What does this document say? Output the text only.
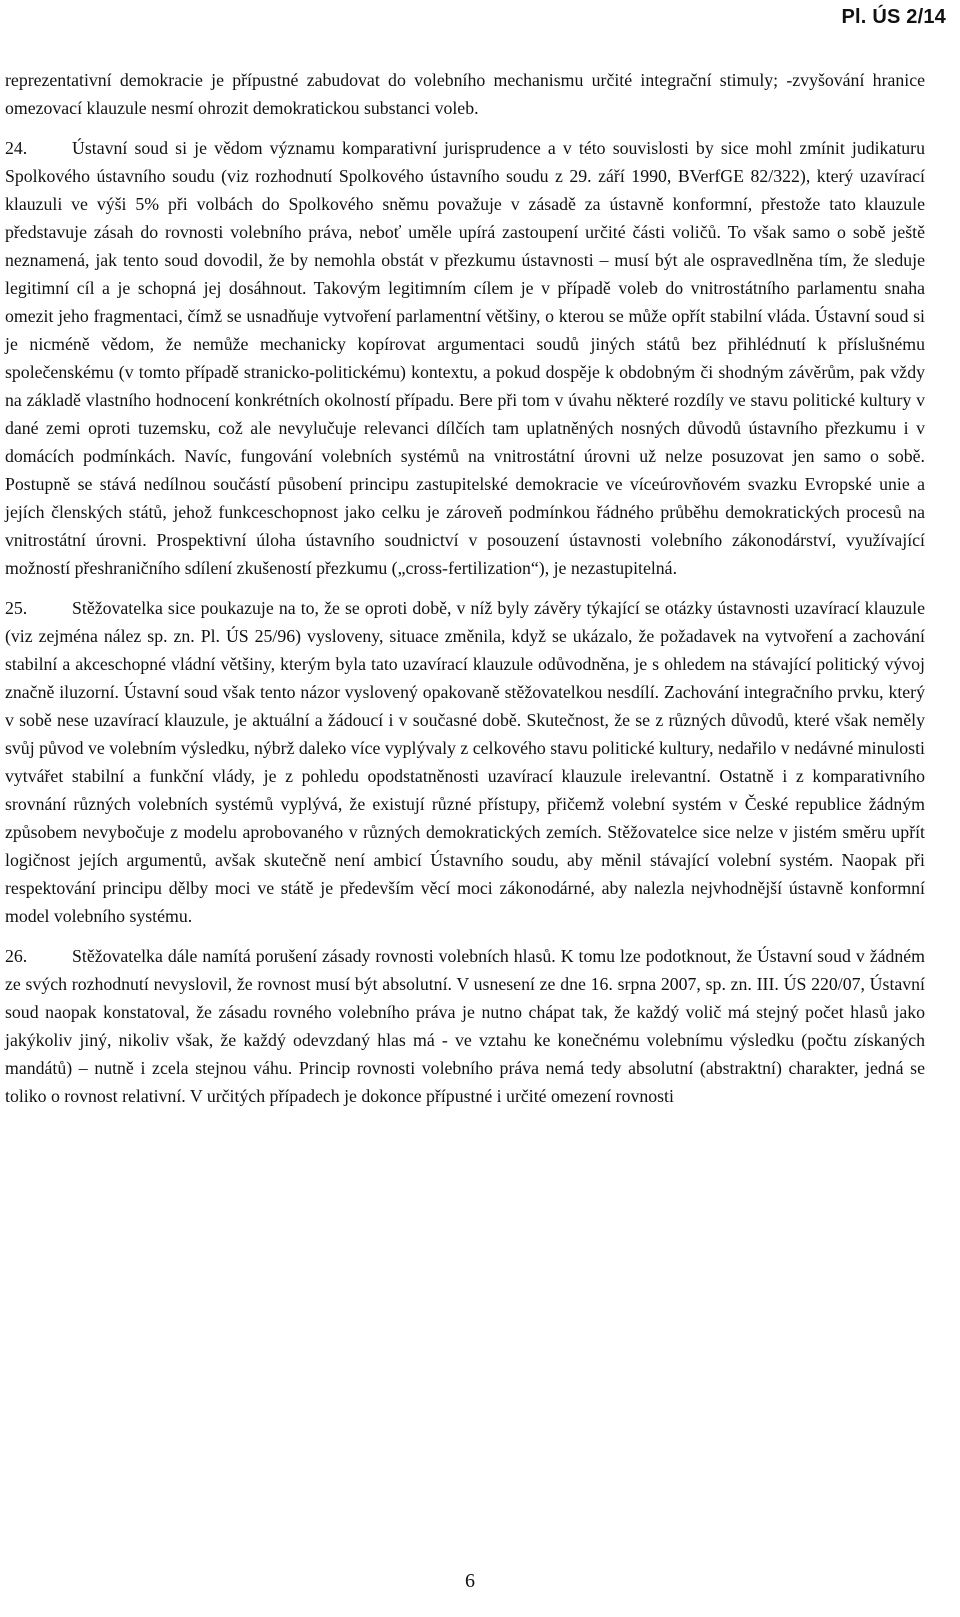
Pl. ÚS 2/14

reprezentativní demokracie je přípustné zabudovat do volebního mechanismu určité integrační stimuly; -zvyšování hranice omezovací klauzule nesmí ohrozit demokratickou substanci voleb.

24.	Ústavní soud si je vědom významu komparativní jurisprudence a v této souvislosti by sice mohl zmínit judikaturu Spolkového ústavního soudu (viz rozhodnutí Spolkového ústavního soudu z 29. září 1990, BVerfGE 82/322), který uzavírací klauzuli ve výši 5% při volbách do Spolkového sněmu považuje v zásadě za ústavně konformní, přestože tato klauzule představuje zásah do rovnosti volebního práva, neboť uměle upírá zastoupení určité části voličů. To však samo o sobě ještě neznamená, jak tento soud dovodil, že by nemohla obstát v přezkumu ústavnosti – musí být ale ospravedlněna tím, že sleduje legitimní cíl a je schopná jej dosáhnout. Takovým legitimním cílem je v případě voleb do vnitrostátního parlamentu snaha omezit jeho fragmentaci, čímž se usnadňuje vytvoření parlamentní většiny, o kterou se může opřít stabilní vláda. Ústavní soud si je nicméně vědom, že nemůže mechanicky kopírovat argumentaci soudů jiných států bez přihlédnutí k příslušnému společenskému (v tomto případě stranicko-politickému) kontextu, a pokud dospěje k obdobným či shodným závěrům, pak vždy na základě vlastního hodnocení konkrétních okolností případu. Bere při tom v úvahu některé rozdíly ve stavu politické kultury v dané zemi oproti tuzemsku, což ale nevylučuje relevanci dílčích tam uplatněných nosných důvodů ústavního přezkumu i v domácích podmínkách. Navíc, fungování volebních systémů na vnitrostátní úrovni už nelze posuzovat jen samo o sobě. Postupně se stává nedílnou součástí působení principu zastupitelské demokracie ve víceúrovňovém svazku Evropské unie a jejích členských států, jehož funkceschopnost jako celku je zároveň podmínkou řádného průběhu demokratických procesů na vnitrostátní úrovni. Prospektivní úloha ústavního soudnictví v posouzení ústavnosti volebního zákonodárství, využívající možností přeshraničního sdílení zkušeností přezkumu („cross-fertilization“), je nezastupitelná.

25.	Stěžovatelka sice poukazuje na to, že se oproti době, v níž byly závěry týkající se otázky ústavnosti uzavírací klauzule (viz zejména nález sp. zn. Pl. ÚS 25/96) vysloveny, situace změnila, když se ukázalo, že požadavek na vytvoření a zachování stabilní a akceschopné vládní většiny, kterým byla tato uzavírací klauzule odůvodněna, je s ohledem na stávající politický vývoj značně iluzorní. Ústavní soud však tento názor vyslovený opakovaně stěžovatelkou nesdílí. Zachování integračního prvku, který v sobě nese uzavírací klauzule, je aktuální a žádoucí i v současné době. Skutečnost, že se z různých důvodů, které však neměly svůj původ ve volebním výsledku, nýbrž daleko více vyplývaly z celkového stavu politické kultury, nedařilo v nedávné minulosti vytvářet stabilní a funkční vlády, je z pohledu opodstatněnosti uzavírací klauzule irelevantní. Ostatně i z komparativního srovnání různých volebních systémů vyplývá, že existují různé přístupy, přičemž volební systém v České republice žádným způsobem nevybočuje z modelu aprobovaného v různých demokratických zemích. Stěžovatelce sice nelze v jistém směru upřít logičnost jejích argumentů, avšak skutečně není ambicí Ústavního soudu, aby měnil stávající volební systém. Naopak při respektování principu dělby moci ve státě je především věcí moci zákonodárné, aby nalezla nejvhodnější ústavně konformní model volebního systému.

26.	Stěžovatelka dále namítá porušení zásady rovnosti volebních hlasů. K tomu lze podotknout, že Ústavní soud v žádném ze svých rozhodnutí nevyslovil, že rovnost musí být absolutní. V usnesení ze dne 16. srpna 2007, sp. zn. III. ÚS 220/07, Ústavní soud naopak konstatoval, že zásadu rovného volebního práva je nutno chápat tak, že každý volič má stejný počet hlasů jako jakýkoliv jiný, nikoliv však, že každý odevzdaný hlas má - ve vztahu ke konečnému volebnímu výsledku (počtu získaných mandátů) – nutně i zcela stejnou váhu. Princip rovnosti volebního práva nemá tedy absolutní (abstraktní) charakter, jedná se toliko o rovnost relativní. V určitých případech je dokonce přípustné i určité omezení rovnosti

6
